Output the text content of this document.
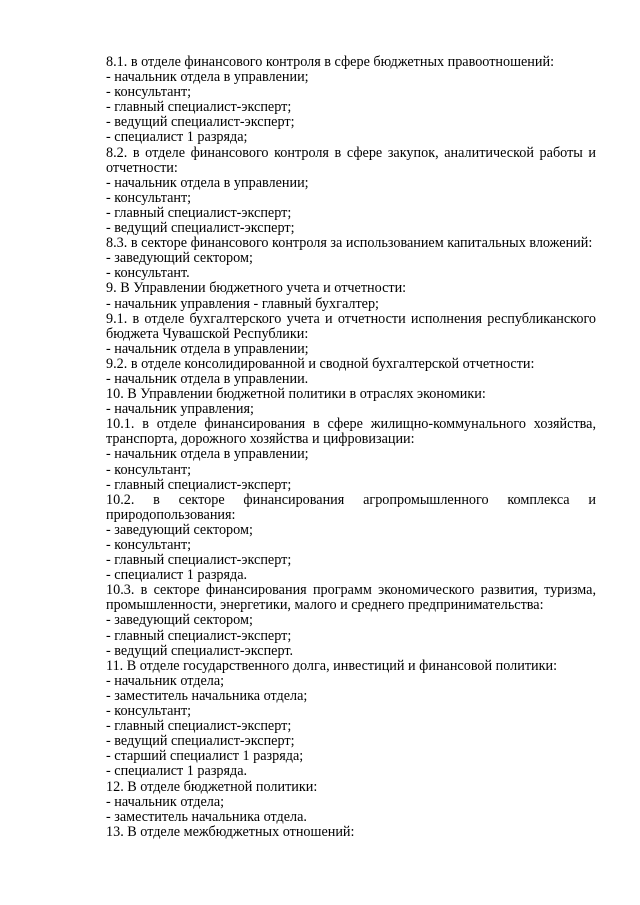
8.1. в отделе финансового контроля в сфере бюджетных правоотношений:
- начальник отдела в управлении;
- консультант;
- главный специалист-эксперт;
- ведущий специалист-эксперт;
- специалист 1 разряда;
8.2. в отделе финансового контроля в сфере закупок, аналитической работы и
отчетности:
- начальник отдела в управлении;
- консультант;
- главный специалист-эксперт;
- ведущий специалист-эксперт;
8.3. в секторе финансового контроля за использованием капитальных вложений:
- заведующий сектором;
- консультант.
9. В Управлении бюджетного учета и отчетности:
- начальник управления - главный бухгалтер;
9.1. в отделе бухгалтерского учета и отчетности исполнения республиканского
бюджета Чувашской Республики:
- начальник отдела в управлении;
9.2. в отделе консолидированной и сводной бухгалтерской отчетности:
- начальник отдела в управлении.
10. В Управлении бюджетной политики в отраслях экономики:
- начальник управления;
10.1. в отделе финансирования в сфере жилищно-коммунального хозяйства,
транспорта, дорожного хозяйства и цифровизации:
- начальник отдела в управлении;
- консультант;
- главный специалист-эксперт;
10.2. в секторе финансирования агропромышленного комплекса и
природопользования:
- заведующий сектором;
- консультант;
- главный специалист-эксперт;
- специалист 1 разряда.
10.3. в секторе финансирования программ экономического развития, туризма,
промышленности, энергетики, малого и среднего предпринимательства:
- заведующий сектором;
- главный специалист-эксперт;
- ведущий специалист-эксперт.
11. В отделе государственного долга, инвестиций и финансовой политики:
- начальник отдела;
- заместитель начальника отдела;
- консультант;
- главный специалист-эксперт;
- ведущий специалист-эксперт;
- старший специалист 1 разряда;
- специалист 1 разряда.
12. В отделе бюджетной политики:
- начальник отдела;
- заместитель начальника отдела.
13. В отделе межбюджетных отношений:
